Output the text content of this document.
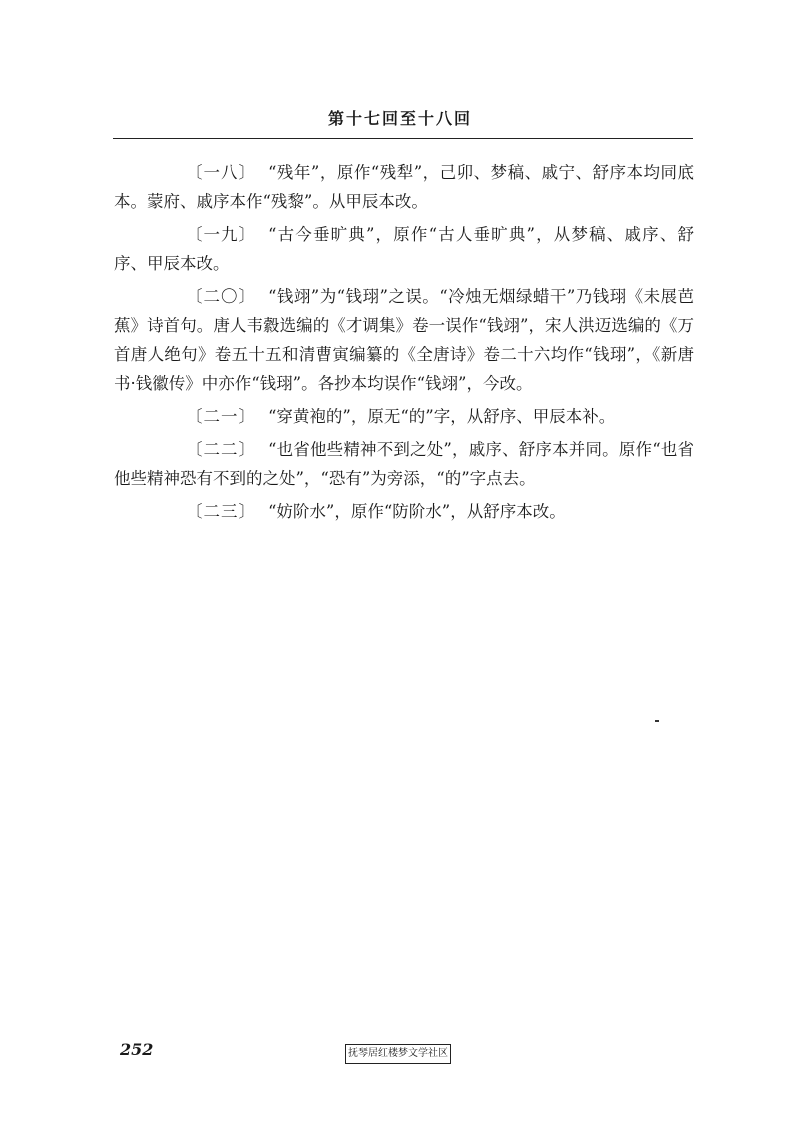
第十七回至十八回

〔一八〕 “残年”，原作“残犁”，己卯、梦稿、戚宁、舒序本均同底本。蒙府、戚序本作“残黎”。从甲辰本改。

〔一九〕 “古今垂旷典”，原作“古人垂旷典”，从梦稿、戚序、舒序、甲辰本改。

〔二〇〕 “钱翊”为“钱珝”之误。“冷烛无烟绿蜡干”乃钱珝《未展芭蕉》诗首句。唐人韦縠选编的《才调集》卷一误作“钱翊”，宋人洪迈选编的《万首唐人绝句》卷五十五和清曹寅编纂的《全唐诗》卷二十六均作“钱珝”，《新唐书·钱徽传》中亦作“钱珝”。各抄本均误作“钱翊”，今改。

〔二一〕 “穿黄袍的”，原无“的”字，从舒序、甲辰本补。

〔二二〕 “也省他些精神不到之处”，戚序、舒序本并同。原作“也省他些精神恐有不到的之处”，“恐有”为旁添，“的”字点去。

〔二三〕 “妨阶水”，原作“防阶水”，从舒序本改。

252	抚琴居红楼梦文学社区
